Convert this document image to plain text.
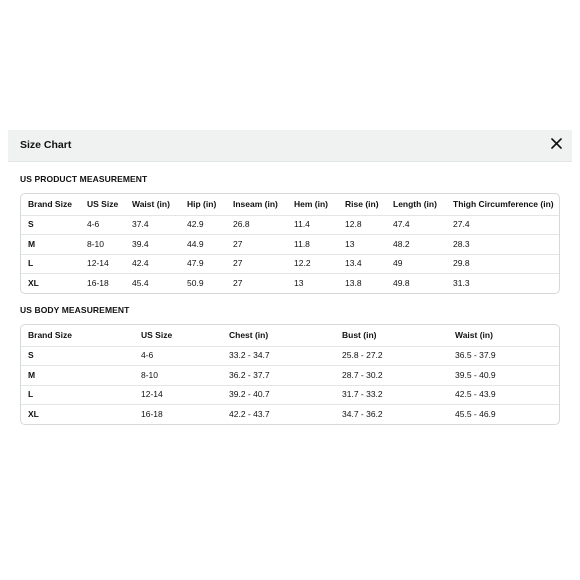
Size Chart
US PRODUCT MEASUREMENT
Brand Size	US Size	Waist (in)	Hip (in)	Inseam (in)	Hem (in)	Rise (in)	Length (in)	Thigh Circumference (in)
S	4-6	37.4	42.9	26.8	11.4	12.8	47.4	27.4
M	8-10	39.4	44.9	27	11.8	13	48.2	28.3
L	12-14	42.4	47.9	27	12.2	13.4	49	29.8
XL	16-18	45.4	50.9	27	13	13.8	49.8	31.3
US BODY MEASUREMENT
Brand Size	US Size	Chest (in)	Bust (in)	Waist (in)
S	4-6	33.2 - 34.7	25.8 - 27.2	36.5 - 37.9
M	8-10	36.2 - 37.7	28.7 - 30.2	39.5 - 40.9
L	12-14	39.2 - 40.7	31.7 - 33.2	42.5 - 43.9
XL	16-18	42.2 - 43.7	34.7 - 36.2	45.5 - 46.9
